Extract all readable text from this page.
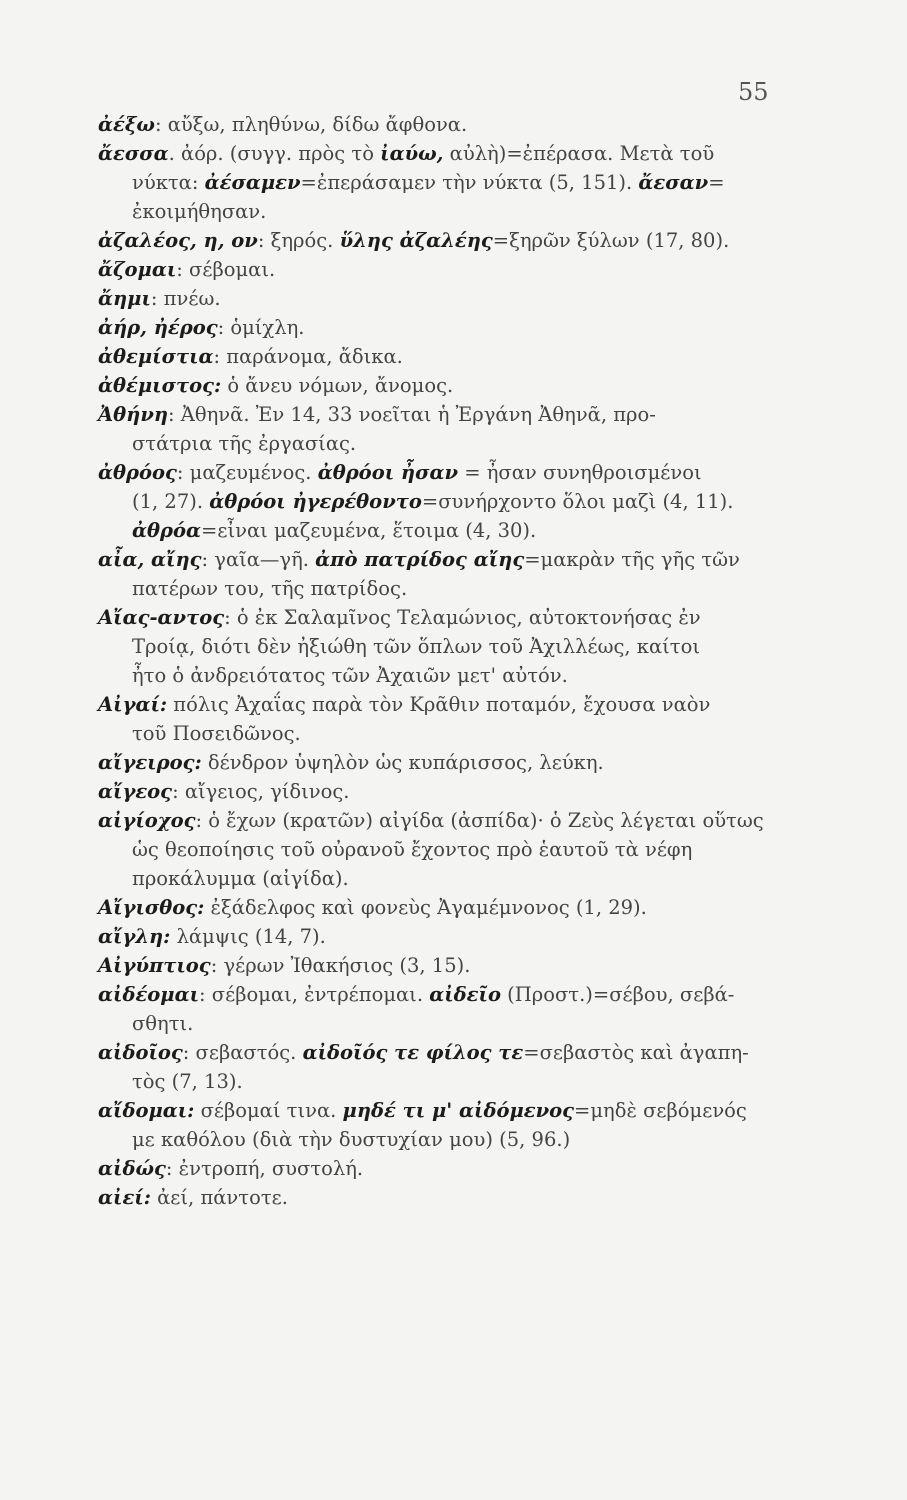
55
ἀέξω: αὔξω, πληθύνω, δίδω ἄφθονα.
ἄεσσα. ἀόρ. (συγγ. πρὸς τὸ ἰαύω, αὐλὴ)=ἐπέρασα. Μετὰ τοῦ
νύκτα: ἀέσαμεν=ἐπεράσαμεν τὴν νύκτα (5, 151). ἄεσαν=
ἐκοιμήθησαν.
ἀζαλέος, η, ον: ξηρός. ὕλης ἀζαλέης=ξηρῶν ξύλων (17, 80).
ἄζομαι: σέβομαι.
ἄημι: πνέω.
ἀήρ, ἠέρος: ὁμίχλη.
ἀθεμίστια: παράνομα, ἄδικα.
ἀθέμιστος: ὁ ἄνευ νόμων, ἄνομος.
Ἀθήνη: Ἀθηνᾶ. Ἐν 14, 33 νοεῖται ἡ Ἐργάνη Ἀθηνᾶ, προ-
στάτρια τῆς ἐργασίας.
ἀθρόος: μαζευμένος. ἀθρόοι ἦσαν = ἦσαν συνηθροισμένοι
(1, 27). ἀθρόοι ἠγερέθοντο=συνήρχοντο ὅλοι μαζὶ (4, 11).
ἀθρόα=εἶναι μαζευμένα, ἕτοιμα (4, 30).
αἶα, αἴης: γαῖα—γῆ. ἀπὸ πατρίδος αἴης=μακρὰν τῆς γῆς τῶν
πατέρων του, τῆς πατρίδος.
Αἴας-αντος: ὁ ἐκ Σαλαμῖνος Τελαμώνιος, αὐτοκτονήσας ἐν
Τροίᾳ, διότι δὲν ἠξιώθη τῶν ὅπλων τοῦ Ἀχιλλέως, καίτοι
ἦτο ὁ ἀνδρειότατος τῶν Ἀχαιῶν μετ' αὐτόν.
Αἰγαί: πόλις Ἀχαΐας παρὰ τὸν Κρᾶθιν ποταμόν, ἔχουσα ναὸν
τοῦ Ποσειδῶνος.
αἴγειρος: δένδρον ὑψηλὸν ὡς κυπάρισσος, λεύκη.
αἴγεος: αἴγειος, γίδινος.
αἰγίοχος: ὁ ἔχων (κρατῶν) αἰγίδα (ἀσπίδα)· ὁ Ζεὺς λέγεται οὕτως
ὡς θεοποίησις τοῦ οὐρανοῦ ἔχοντος πρὸ ἑαυτοῦ τὰ νέφη
προκάλυμμα (αἰγίδα).
Αἴγισθος: ἐξάδελφος καὶ φονεὺς Ἀγαμέμνονος (1, 29).
αἴγλη: λάμψις (14, 7).
Αἰγύπτιος: γέρων Ἰθακήσιος (3, 15).
αἰδέομαι: σέβομαι, ἐντρέπομαι. αἰδεῖο (Προστ.)=σέβου, σεβά-
σθητι.
αἰδοῖος: σεβαστός. αἰδοῖός τε φίλος τε=σεβαστὸς καὶ ἀγαπη-
τὸς (7, 13).
αἴδομαι: σέβομαί τινα. μηδέ τι μ' αἰδόμενος=μηδὲ σεβόμενός
με καθόλου (διὰ τὴν δυστυχίαν μου) (5, 96.)
αἰδώς: ἐντροπή, συστολή.
αἰεί: ἀεί, πάντοτε.
